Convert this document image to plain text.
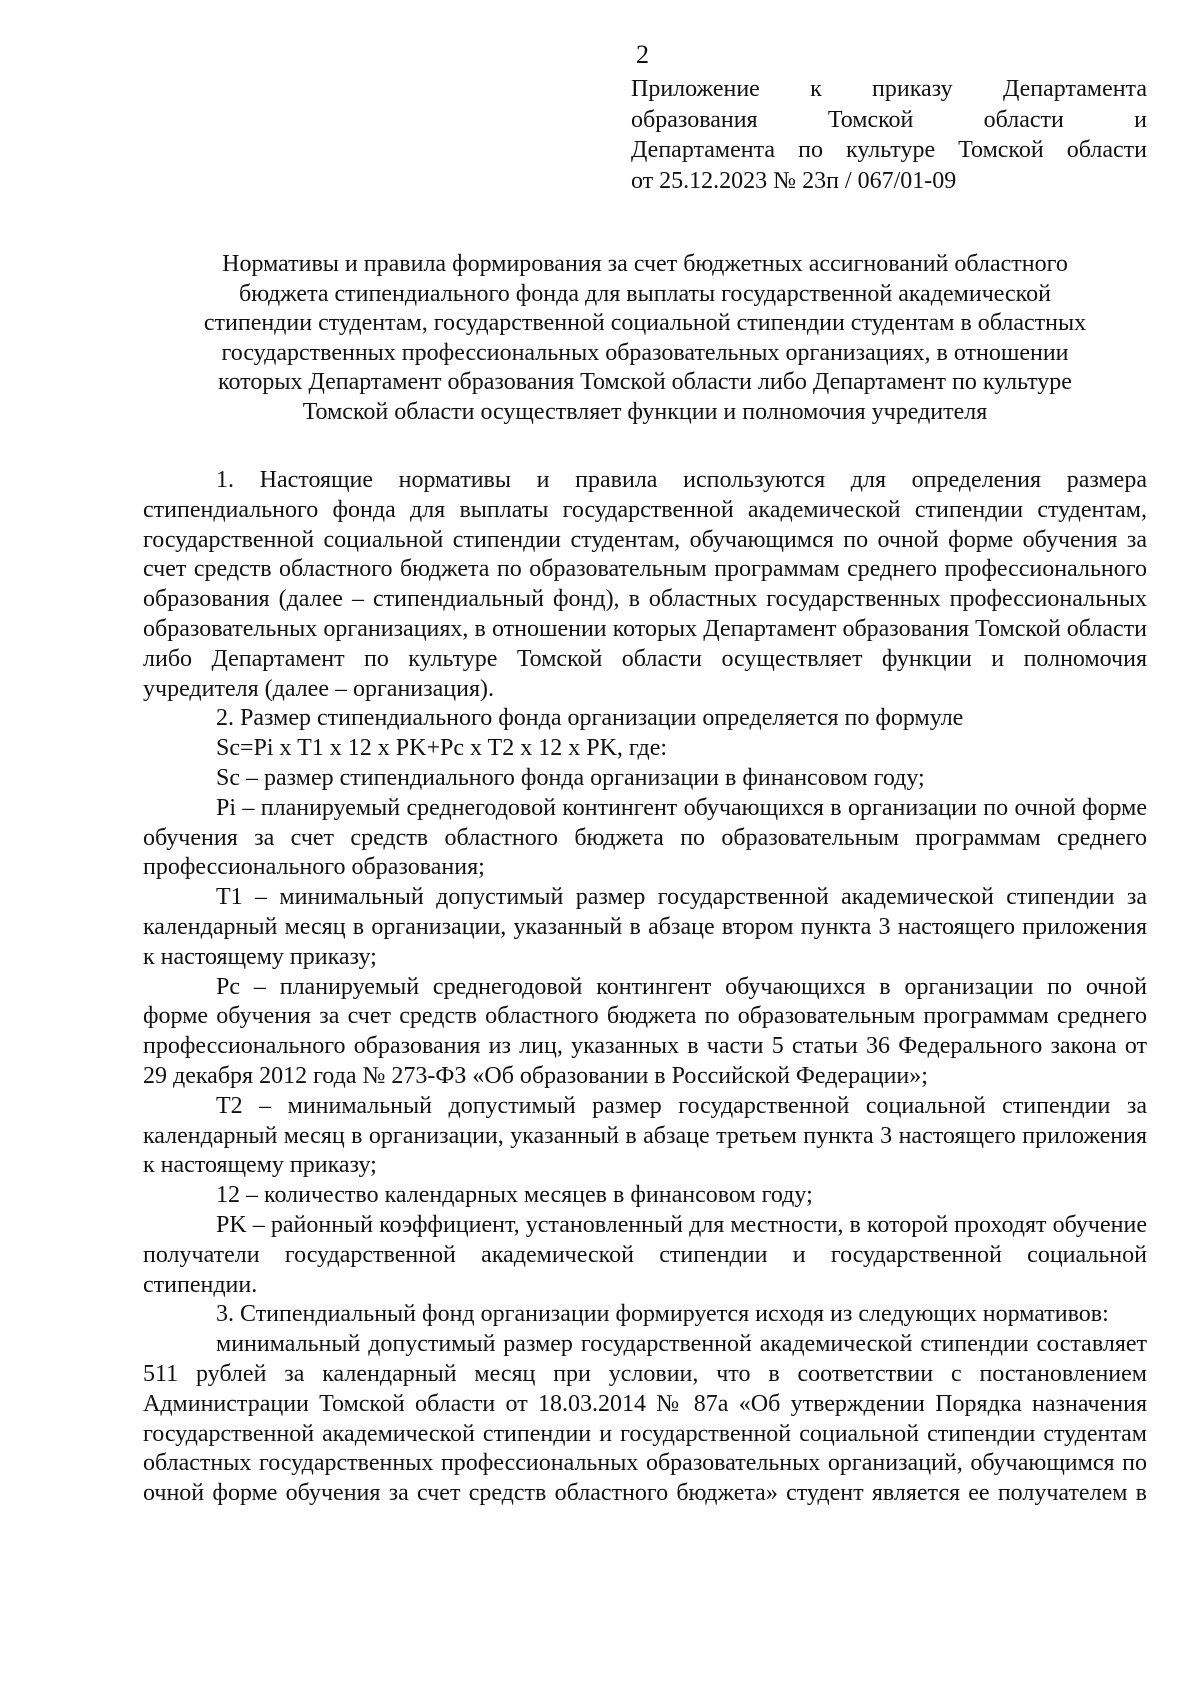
2
Приложение к приказу Департамента
образования Томской области и
Департамента по культуре Томской области
от 25.12.2023 № 23п / 067/01-09
Нормативы и правила формирования за счет бюджетных ассигнований областного
бюджета стипендиального фонда для выплаты государственной академической
стипендии студентам, государственной социальной стипендии студентам в областных
государственных профессиональных образовательных организациях, в отношении
которых Департамент образования Томской области либо Департамент по культуре
Томской области осуществляет функции и полномочия учредителя

1. Настоящие нормативы и правила используются для определения размера стипендиального фонда для выплаты государственной академической стипендии студентам, государственной социальной стипендии студентам, обучающимся по очной форме обучения за счет средств областного бюджета по образовательным программам среднего профессионального образования (далее – стипендиальный фонд), в областных государственных профессиональных образовательных организациях, в отношении которых Департамент образования Томской области либо Департамент по культуре Томской области осуществляет функции и полномочия учредителя (далее – организация).

2. Размер стипендиального фонда организации определяется по формуле

Sc=Pi x T1 x 12 x PK+Pc x T2 x 12 x PK, где:

Sc – размер стипендиального фонда организации в финансовом году;

Pi – планируемый среднегодовой контингент обучающихся в организации по очной форме обучения за счет средств областного бюджета по образовательным программам среднего профессионального образования;

T1 – минимальный допустимый размер государственной академической стипендии за календарный месяц в организации, указанный в абзаце втором пункта 3 настоящего приложения к настоящему приказу;

Pc – планируемый среднегодовой контингент обучающихся в организации по очной форме обучения за счет средств областного бюджета по образовательным программам среднего профессионального образования из лиц, указанных в части 5 статьи 36 Федерального закона от 29 декабря 2012 года № 273-ФЗ «Об образовании в Российской Федерации»;

T2 – минимальный допустимый размер государственной социальной стипендии за календарный месяц в организации, указанный в абзаце третьем пункта 3 настоящего приложения к настоящему приказу;

12 – количество календарных месяцев в финансовом году;

PK – районный коэффициент, установленный для местности, в которой проходят обучение получатели государственной академической стипендии и государственной социальной стипендии.

3. Стипендиальный фонд организации формируется исходя из следующих нормативов:

минимальный допустимый размер государственной академической стипендии составляет 511 рублей за календарный месяц при условии, что в соответствии с постановлением Администрации Томской области от 18.03.2014 № 87а «Об утверждении Порядка назначения государственной академической стипендии и государственной социальной стипендии студентам областных государственных профессиональных образовательных организаций, обучающимся по очной форме обучения за счет средств областного бюджета» студент является ее получателем в
